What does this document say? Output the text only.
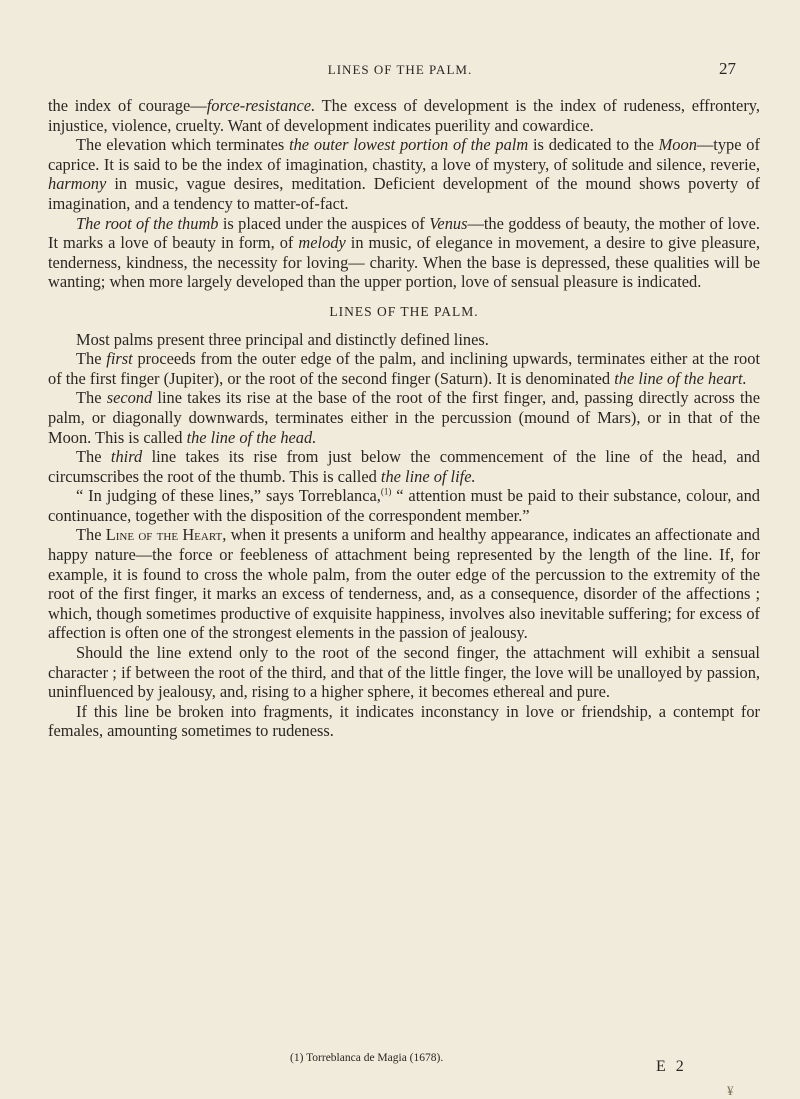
LINES OF THE PALM.	27

the index of courage—force-resistance. The excess of development is the index of rudeness, effrontery, injustice, violence, cruelty. Want of development indicates puerility and cowardice.

The elevation which terminates the outer lowest portion of the palm is dedicated to the Moon—type of caprice. It is said to be the index of imagination, chastity, a love of mystery, of solitude and silence, reverie, harmony in music, vague desires, meditation. Deficient development of the mound shows poverty of imagination, and a tendency to matter-of-fact.

The root of the thumb is placed under the auspices of Venus—the goddess of beauty, the mother of love. It marks a love of beauty in form, of melody in music, of elegance in movement, a desire to give pleasure, tenderness, kindness, the necessity for loving— charity. When the base is depressed, these qualities will be wanting; when more largely developed than the upper portion, love of sensual pleasure is indicated.

LINES OF THE PALM.

Most palms present three principal and distinctly defined lines.

The first proceeds from the outer edge of the palm, and inclining upwards, terminates either at the root of the first finger (Jupiter), or the root of the second finger (Saturn). It is denominated the line of the heart.

The second line takes its rise at the base of the root of the first finger, and, passing directly across the palm, or diagonally downwards, terminates either in the percussion (mound of Mars), or in that of the Moon. This is called the line of the head.

The third line takes its rise from just below the commencement of the line of the head, and circumscribes the root of the thumb. This is called the line of life.

“ In judging of these lines,” says Torreblanca,$^{(1)}$ “ attention must be paid to their substance, colour, and continuance, together with the disposition of the correspondent member.”

The Line of the Heart, when it presents a uniform and healthy appearance, indicates an affectionate and happy nature—the force or feebleness of attachment being represented by the length of the line. If, for example, it is found to cross the whole palm, from the outer edge of the percussion to the extremity of the root of the first finger, it marks an excess of tenderness, and, as a consequence, disorder of the affections ; which, though sometimes productive of exquisite happiness, involves also inevitable suffering; for excess of affection is often one of the strongest elements in the passion of jealousy.

Should the line extend only to the root of the second finger, the attachment will exhibit a sensual character ; if between the root of the third, and that of the little finger, the love will be unalloyed by passion, uninfluenced by jealousy, and, rising to a higher sphere, it becomes ethereal and pure.

If this line be broken into fragments, it indicates inconstancy in love or friendship, a contempt for females, amounting sometimes to rudeness.

(1) Torreblanca de Magia (1678).	E 2
¥
